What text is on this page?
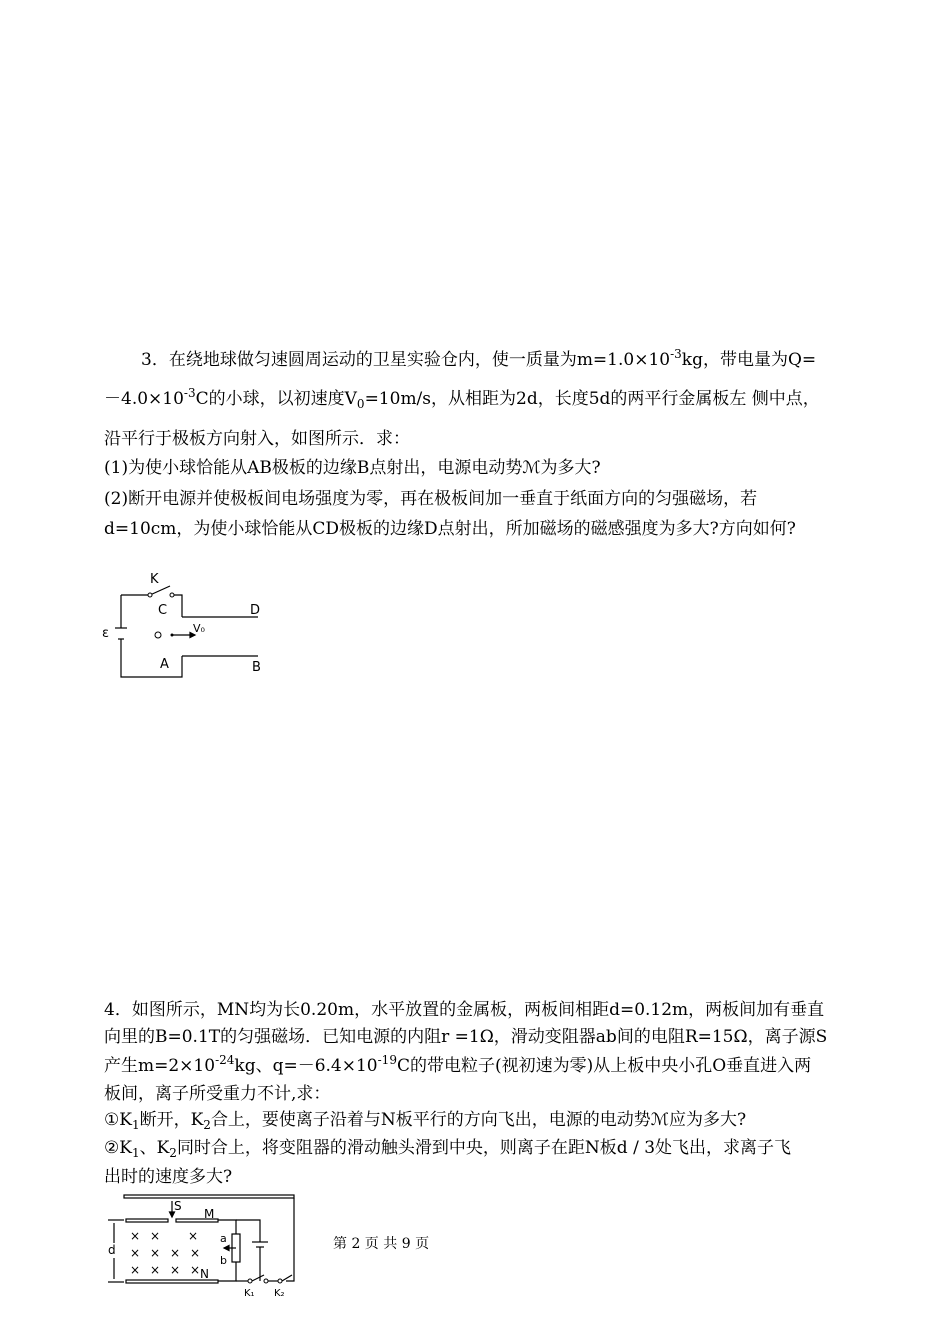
3．在绕地球做匀速圆周运动的卫星实验仓内，使一质量为$m=1.0\times 10^{-3}kg$，带电量为Q=
$-4.0\times 10^{-3}C$的小球，以初速度$V_0=10m/s$，从相距为2d，长度5d的两平行金属板左 侧中点，
沿平行于极板方向射入，如图所示．求：
(1)为使小球恰能从AB极板的边缘B点射出，电源电动势ℳ为多大?
(2)断开电源并使极板间电场强度为零，再在极板间加一垂直于纸面方向的匀强磁场，若
d=10cm，为使小球恰能从CD极板的边缘D点射出，所加磁场的磁感强度为多大?方向如何?
K
C	D
ε	V₀
A	B
4．如图所示，MN均为长0.20m，水平放置的金属板，两板间相距d=0.12m，两板间加有垂直
向里的B=0.1T的匀强磁场．已知电源的内阻r =1Ω，滑动变阻器ab间的电阻R=15Ω，离子源S
产生$m=2\times 10^{-24}kg$、$q=-6.4\times 10^{-19}C$的带电粒子(视初速为零)从上板中央小孔O垂直进入两
板间，离子所受重力不计,求：
$①K_1$断开，$K_2$合上，要使离子沿着与N板平行的方向飞出，电源的电动势ℳ应为多大?
$②K_1$、$K_2$同时合上，将变阻器的滑动触头滑到中央，则离子在距N板d / 3处飞出，求离子飞
出时的速度多大?
× × ×
× × × ×
× × × ×
S
M
a
b
N
d
K₁ K₂
第 2 页 共 9 页
